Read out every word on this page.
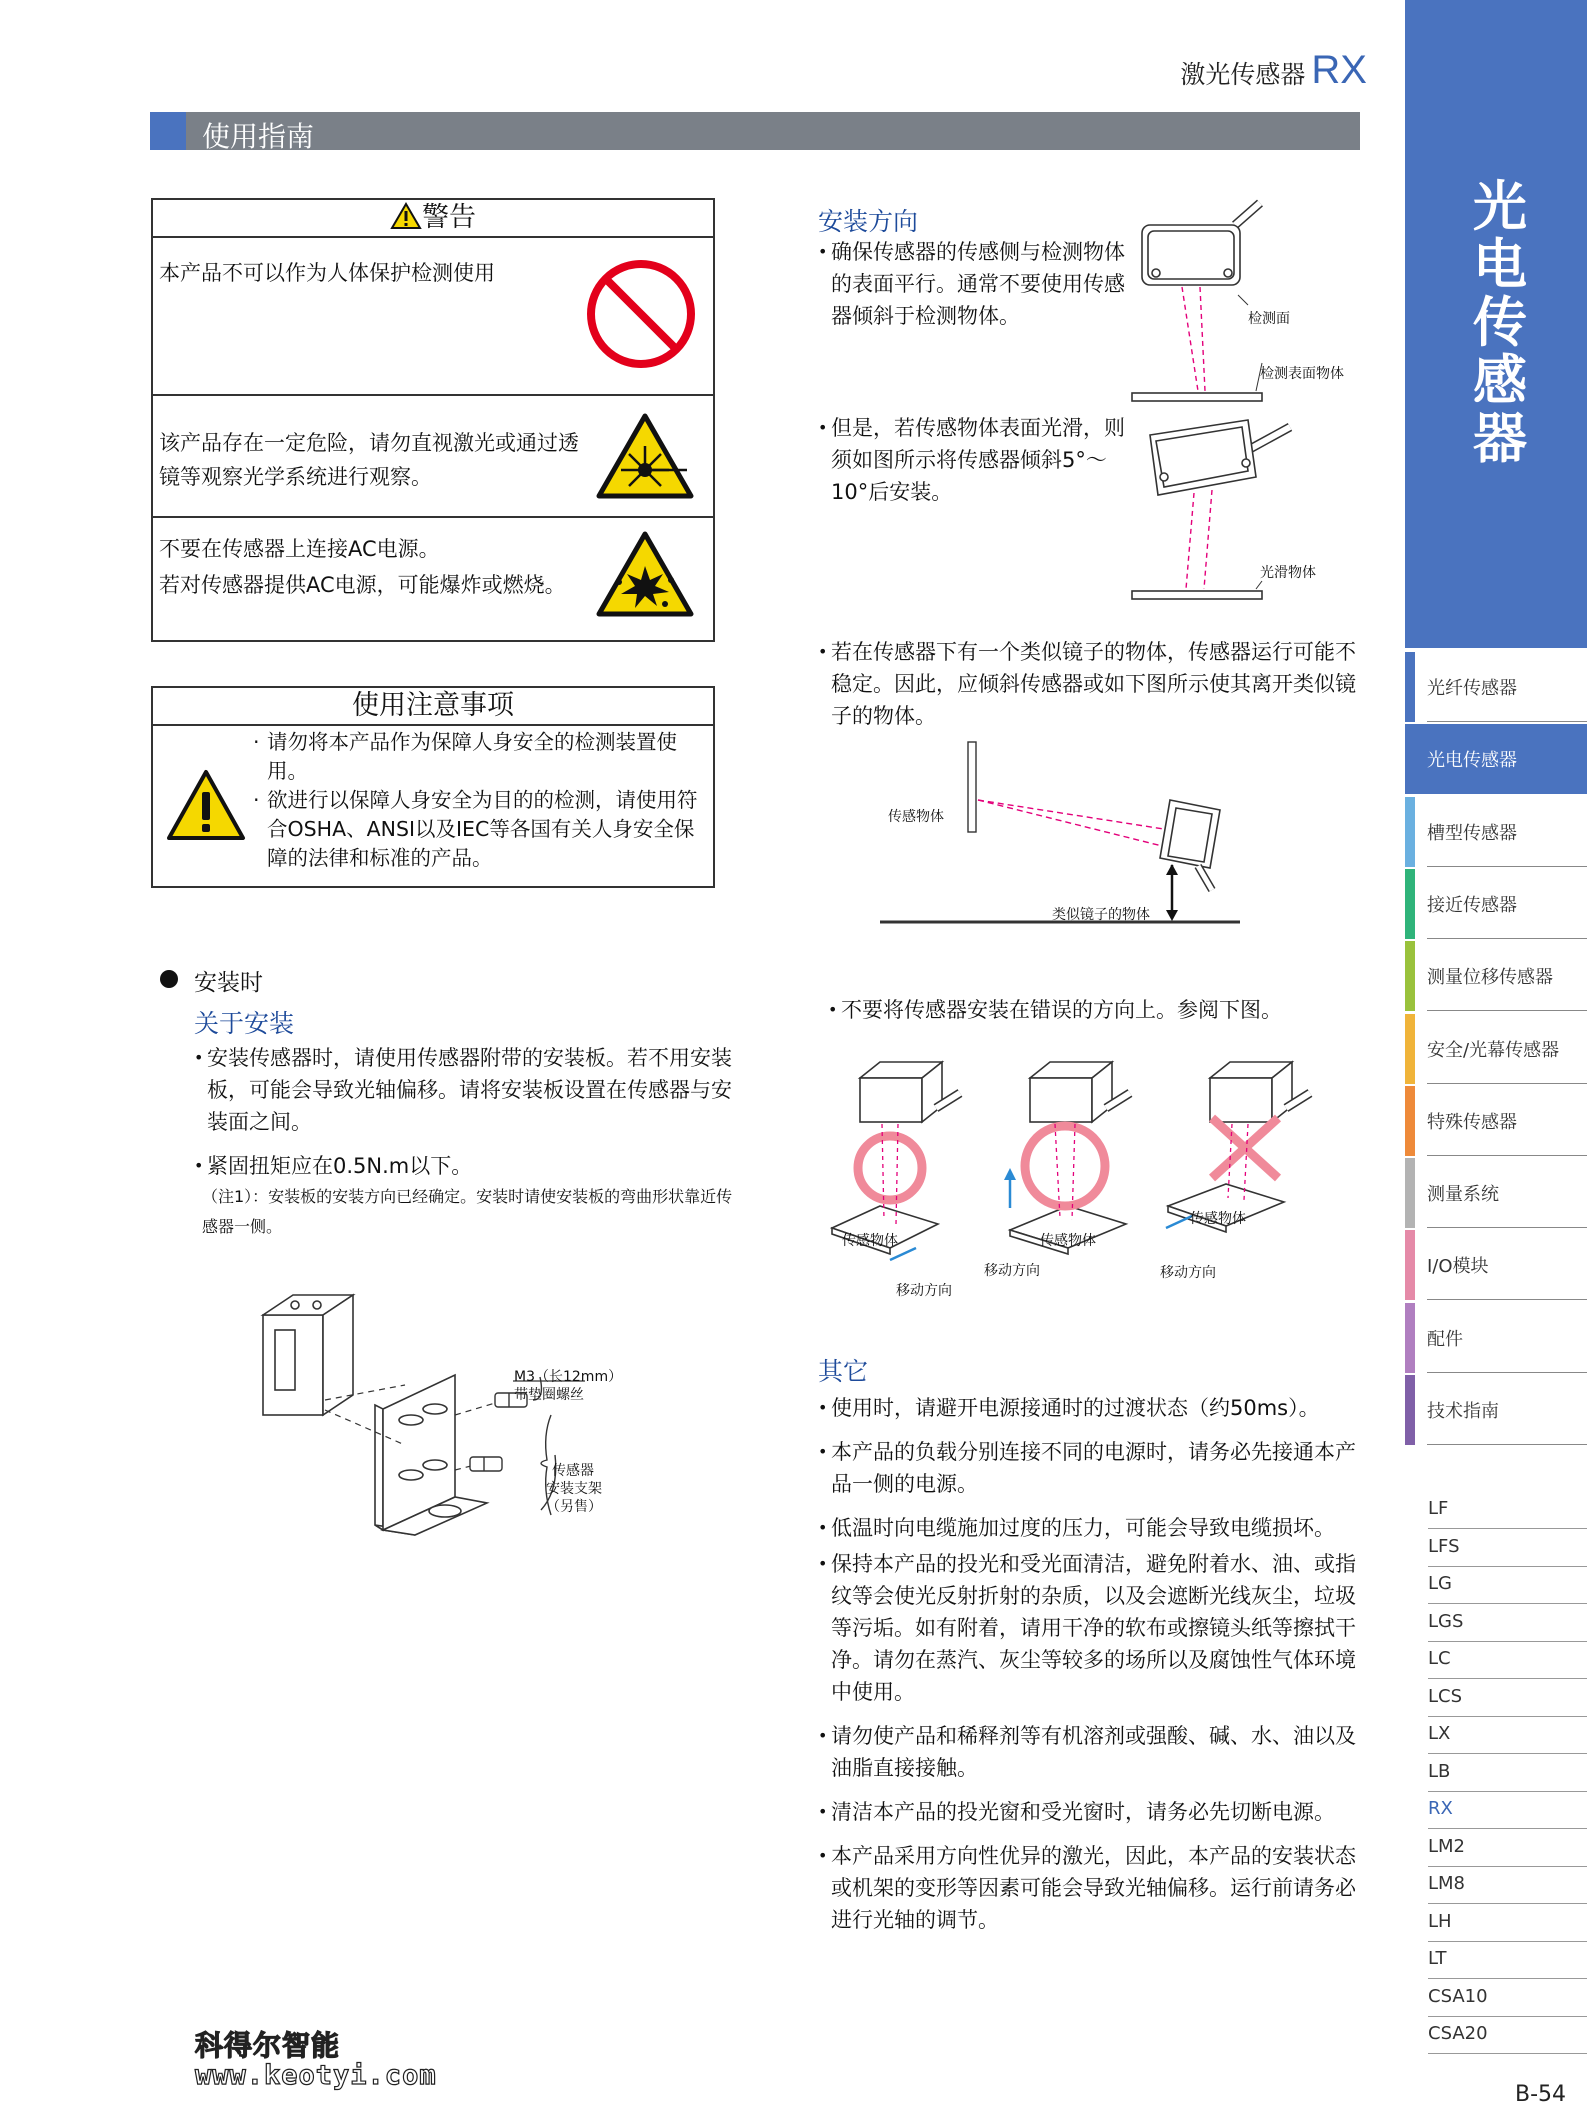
激光传感器 RX
使用指南
警告
本产品不可以作为人体保护检测使用
该产品存在一定危险，请勿直视激光或通过透镜等观察光学系统进行观察。
不要在传感器上连接AC电源。
若对传感器提供AC电源，可能爆炸或燃烧。
使用注意事项
· 请勿将本产品作为保障人身安全的检测装置使用。
· 欲进行以保障人身安全为目的的检测，请使用符合OSHA、ANSI以及IEC等各国有关人身安全保障的法律和标准的产品。
安装时
关于安装
• 安装传感器时，请使用传感器附带的安装板。若不用安装板，可能会导致光轴偏移。请将安装板设置在传感器与安装面之间。
• 紧固扭矩应在0.5N.m以下。
（注1）：安装板的安装方向已经确定。安装时请使安装板的弯曲形状靠近传感器一侧。
M3（长12mm）
带垫圈螺丝
传感器
安装支架
（另售）
安装方向
• 确保传感器的传感侧与检测物体的表面平行。通常不要使用传感器倾斜于检测物体。	检测面
检测表面物体
• 但是，若传感物体表面光滑，则须如图所示将传感器倾斜5°～10°后安装。
光滑物体
• 若在传感器下有一个类似镜子的物体，传感器运行可能不稳定。因此，应倾斜传感器或如下图所示使其离开类似镜子的物体。
传感物体
类似镜子的物体
• 不要将传感器安装在错误的方向上。参阅下图。
传感物体	传感物体
传感物体
移动方向
移动方向	移动方向
其它
• 使用时，请避开电源接通时的过渡状态（约50ms）。
• 本产品的负载分别连接不同的电源时，请务必先接通本产品一侧的电源。
• 低温时向电缆施加过度的压力，可能会导致电缆损坏。
• 保持本产品的投光和受光面清洁，避免附着水、油、或指纹等会使光反射折射的杂质，以及会遮断光线灰尘，垃圾等污垢。如有附着，请用干净的软布或擦镜头纸等擦拭干净。请勿在蒸汽、灰尘等较多的场所以及腐蚀性气体环境中使用。
• 请勿使产品和稀释剂等有机溶剂或强酸、碱、水、油以及油脂直接接触。
• 清洁本产品的投光窗和受光窗时，请务必先切断电源。
• 本产品采用方向性优异的激光，因此，本产品的安装状态或机架的变形等因素可能会导致光轴偏移。运行前请务必进行光轴的调节。
光电传感器
光纤传感器
光电传感器
槽型传感器
接近传感器
测量位移传感器
安全/光幕传感器
特殊传感器
测量系统
I/O模块
配件
技术指南
LF
LFS
LG
LGS
LC
LCS
LX
LB
RX
LM2
LM8
LH
LT
CSA10
CSA20
B-54
科得尔智能
www.keotyi.com
